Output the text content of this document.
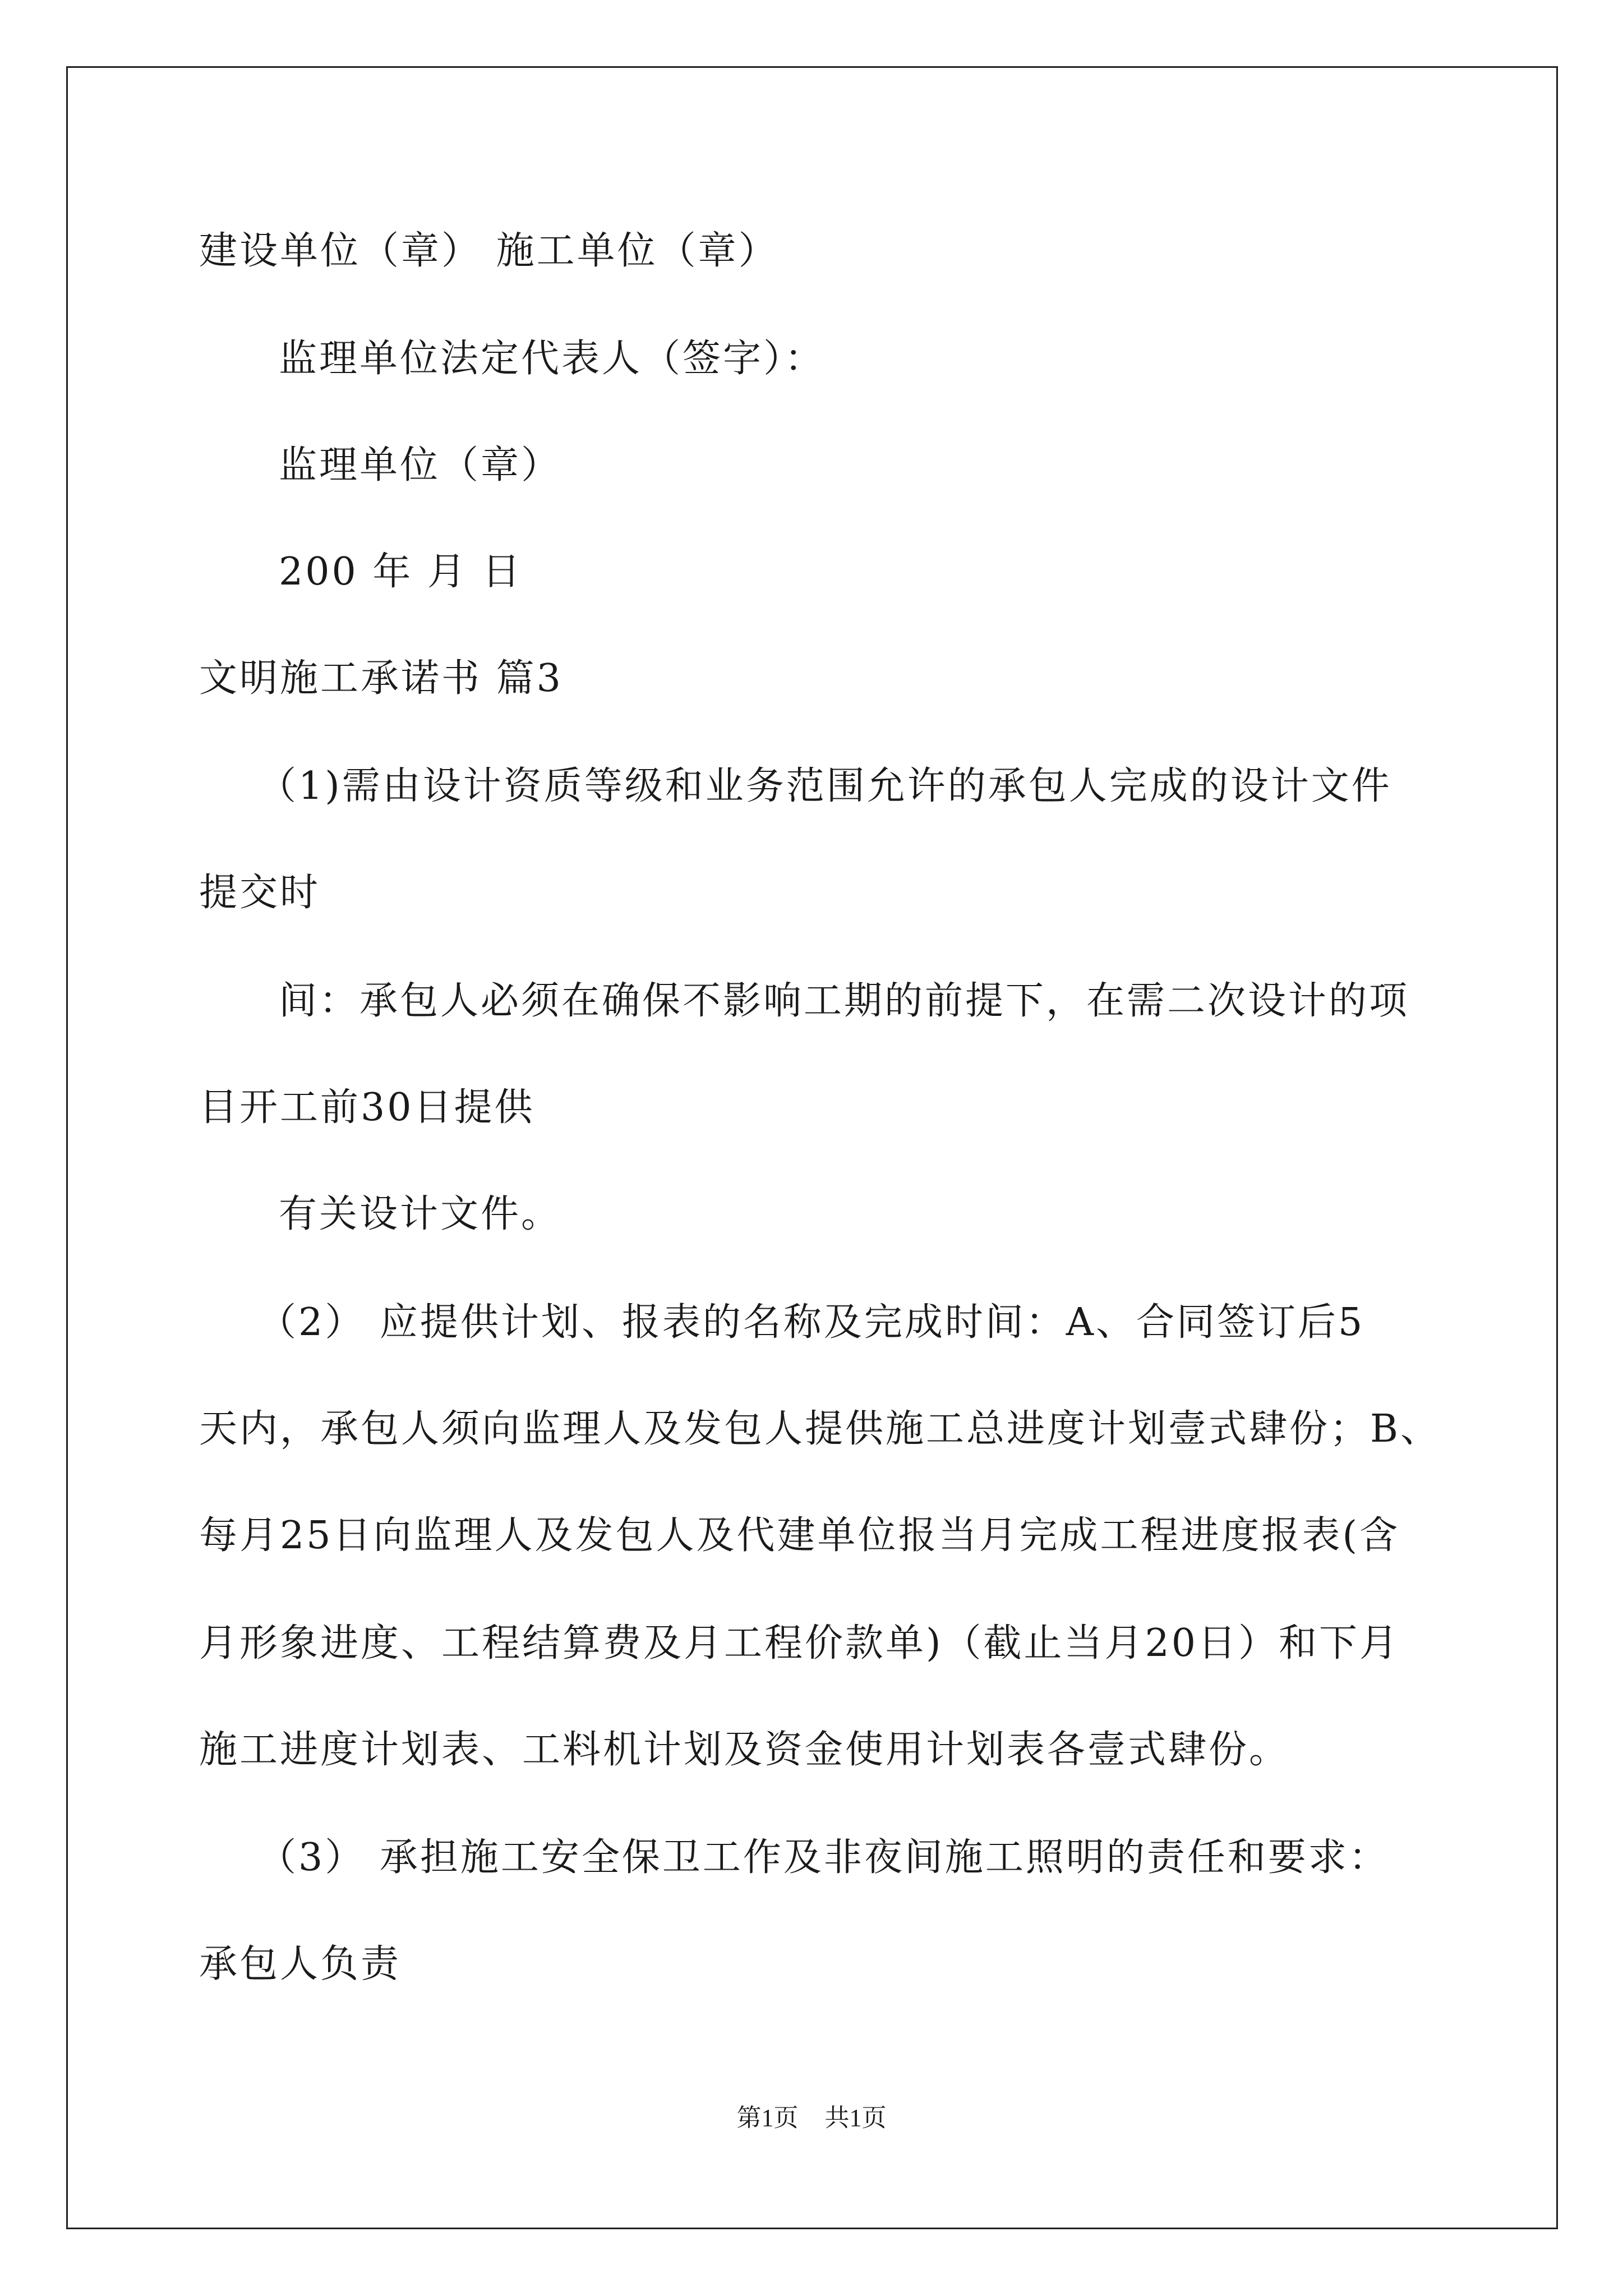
建设单位（章） 施工单位（章）
监理单位法定代表人（签字）：
监理单位（章）
200 年 月 日
文明施工承诺书 篇3
（1)需由设计资质等级和业务范围允许的承包人完成的设计文件
提交时
间：承包人必须在确保不影响工期的前提下，在需二次设计的项
目开工前30日提供
有关设计文件。
（2） 应提供计划、报表的名称及完成时间：A、合同签订后5
天内，承包人须向监理人及发包人提供施工总进度计划壹式肆份；B、
每月25日向监理人及发包人及代建单位报当月完成工程进度报表(含
月形象进度、工程结算费及月工程价款单)（截止当月20日）和下月
施工进度计划表、工料机计划及资金使用计划表各壹式肆份。
（3） 承担施工安全保卫工作及非夜间施工照明的责任和要求：
承包人负责
第1页 共1页
